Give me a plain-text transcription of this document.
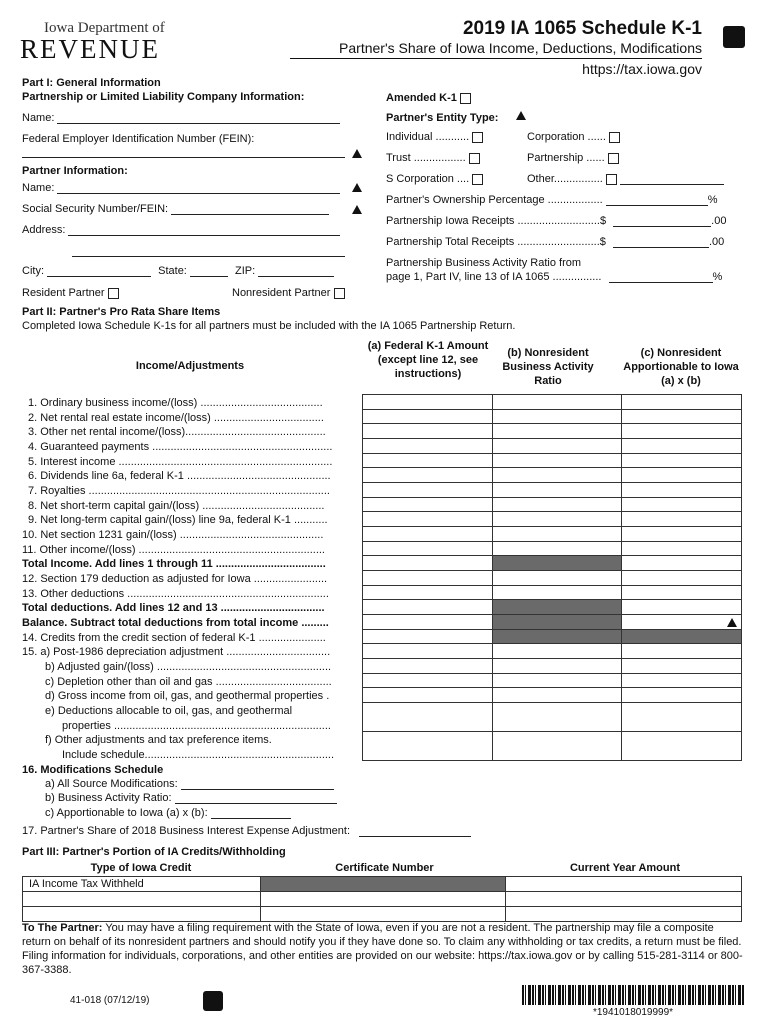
Iowa Department of
REVENUE
2019 IA 1065 Schedule K-1
Partner's Share of Iowa Income, Deductions, Modifications
https://tax.iowa.gov
Part I: General Information
Partnership or Limited Liability Company Information:
Name:
Federal Employer Identification Number (FEIN):
Partner Information:
Name:
Social Security Number/FEIN:
Address:
City:	State:	ZIP:
Resident Partner	Nonresident Partner
Amended K-1
Partner's Entity Type:
Individual ...........	Corporation ......
Trust .................	Partnership ......
S Corporation ....	Other................
Partner's Ownership Percentage ..................	%
Partnership Iowa Receipts ...........................$	.00
Partnership Total Receipts ...........................$	.00
Partnership Business Activity Ratio from
page 1, Part IV, line 13 of IA 1065 ................	%
Part II: Partner's Pro Rata Share Items
Completed Iowa Schedule K-1s for all partners must be included with the IA 1065 Partnership Return.
Income/Adjustments
(a) Federal K-1 Amount (except line 12, see instructions)
(b) Nonresident Business Activity Ratio
(c) Nonresident Apportionable to Iowa (a) x (b)
1. Ordinary business income/(loss) ........................................
2. Net rental real estate income/(loss) ....................................
3. Other net rental income/(loss)..............................................
4. Guaranteed payments ...........................................................
5. Interest income ......................................................................
6. Dividends line 6a, federal K-1 ...............................................
7. Royalties ...............................................................................
8. Net short-term capital gain/(loss) ........................................
9. Net long-term capital gain/(loss) line 9a, federal K-1 ...........
10. Net section 1231 gain/(loss) ...............................................
11. Other income/(loss) .............................................................
Total Income. Add lines 1 through 11 ....................................
12. Section 179 deduction as adjusted for Iowa ........................
13. Other deductions ..................................................................
Total deductions. Add lines 12 and 13 ..................................
Balance. Subtract total deductions from total income .........
14. Credits from the credit section of federal K-1 ......................
15. a) Post-1986 depreciation adjustment ..................................
b) Adjusted gain/(loss) .........................................................
c) Depletion other than oil and gas ......................................
d) Gross income from oil, gas, and geothermal properties .
e) Deductions allocable to oil, gas, and geothermal
properties .......................................................................
f) Other adjustments and tax preference items.
Include schedule..............................................................

16. Modifications Schedule
a) All Source Modifications:
b) Business Activity Ratio:
c) Apportionable to Iowa (a) x (b):
17. Partner's Share of 2018 Business Interest Expense Adjustment:
Part III: Partner's Portion of IA Credits/Withholding
Type of Iowa Credit	Certificate Number	Current Year Amount
IA Income Tax Withheld		

To The Partner: You may have a filing requirement with the State of Iowa, even if you are not a resident. The partnership may file a composite return on behalf of its nonresident partners and should notify you if they have done so. To claim any withholding or tax credits, a return must be filed. Filing information for individuals, corporations, and other entities are provided on our website: https://tax.iowa.gov or by calling 515-281-3114 or 800-367-3388.
41-018 (07/12/19)
*1941018019999*
